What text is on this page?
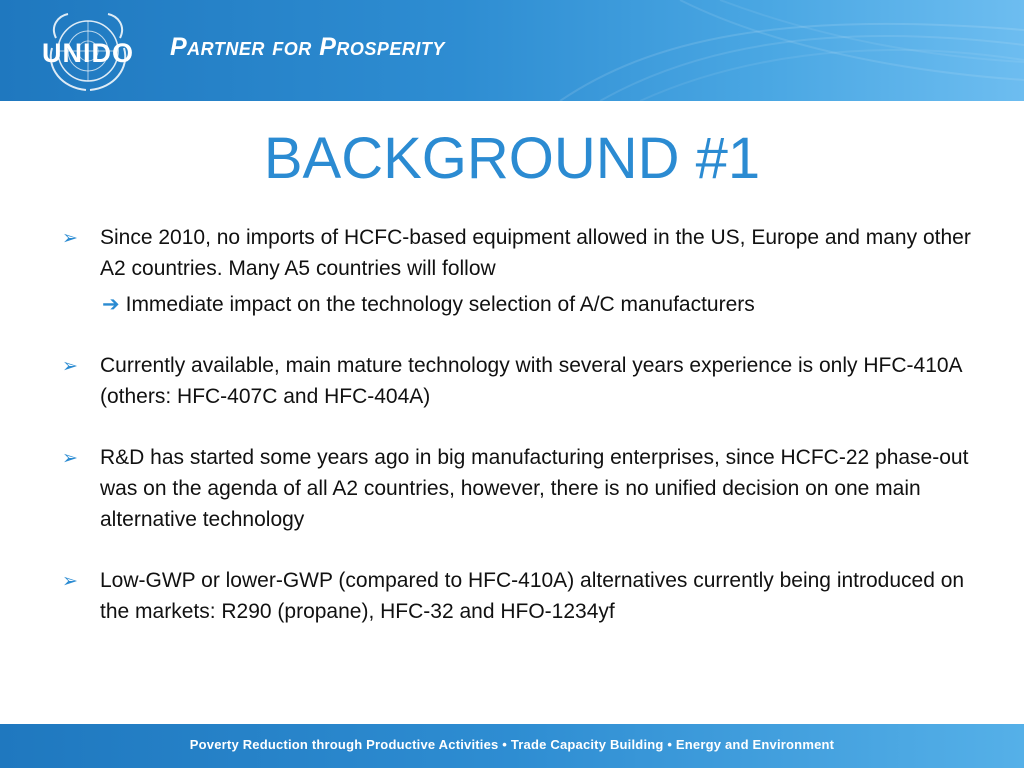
UNIDO Partner for Prosperity
BACKGROUND #1
➢ Since 2010, no imports of HCFC-based equipment allowed in the US, Europe and many other A2 countries. Many A5 countries will follow
➔ Immediate impact on the technology selection of A/C manufacturers
➢ Currently available, main mature technology with several years experience is only HFC-410A (others: HFC-407C and HFC-404A)
➢ R&D has started some years ago in big manufacturing enterprises, since HCFC-22 phase-out was on the agenda of all A2 countries, however, there is no unified decision on one main alternative technology
➢ Low-GWP or lower-GWP (compared to HFC-410A) alternatives currently being introduced on the markets: R290 (propane), HFC-32 and HFO-1234yf
Poverty Reduction through Productive Activities • Trade Capacity Building • Energy and Environment
